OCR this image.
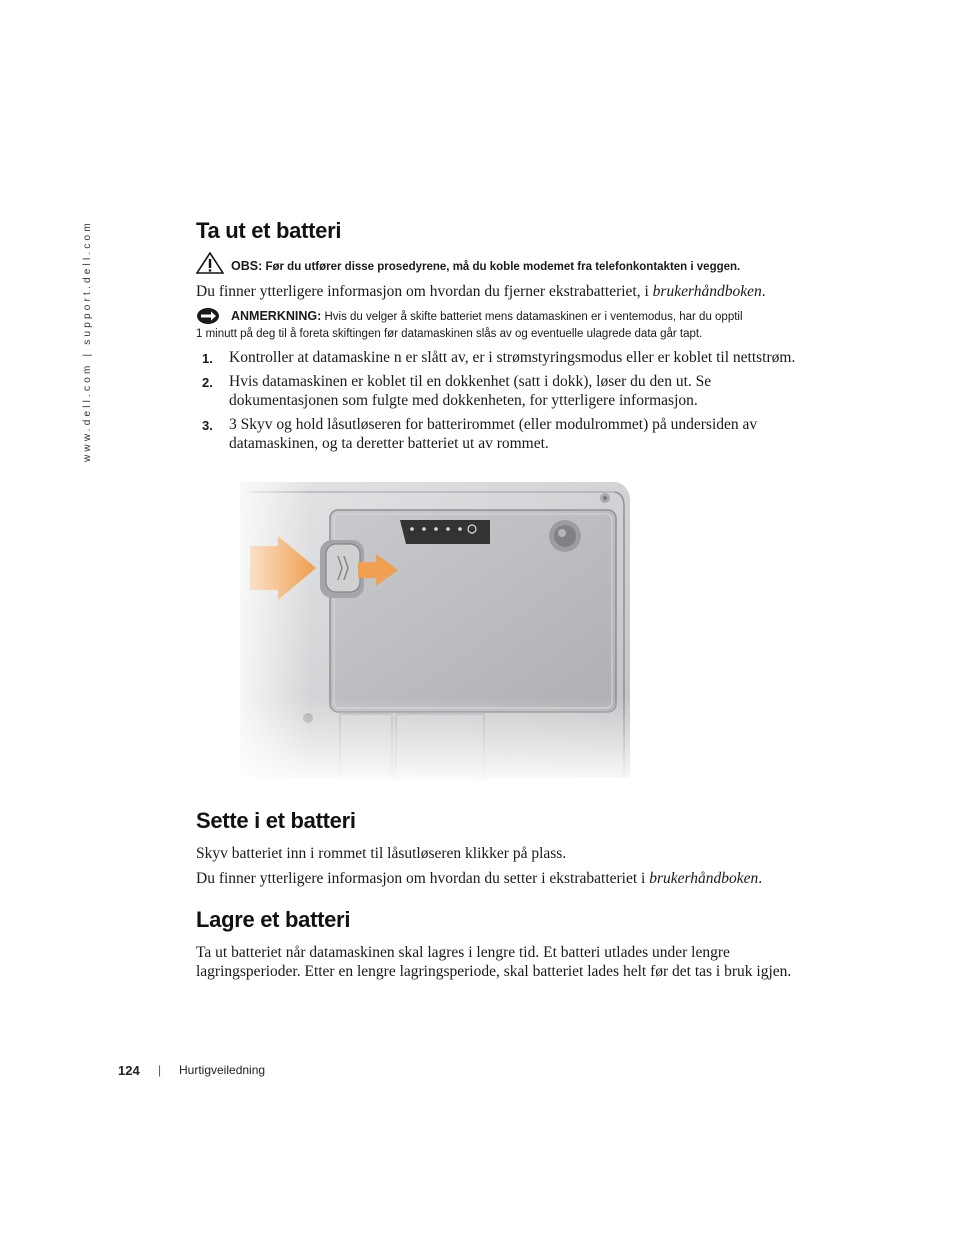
www.dell.com | support.dell.com	Ta ut et batteri
OBS: Før du utfører disse prosedyrene, må du koble modemet fra telefonkontakten i veggen.

Du finner ytterligere informasjon om hvordan du fjerner ekstrabatteriet, i brukerhåndboken.

ANMERKNING: Hvis du velger å skifte batteriet mens datamaskinen er i ventemodus, har du opptil
1 minutt på deg til å foreta skiftingen før datamaskinen slås av og eventuelle ulagrede data går tapt.
1. Kontroller at datamaskine n er slått av, er i strømstyringsmodus eller er koblet til nettstrøm.
2. Hvis datamaskinen er koblet til en dokkenhet (satt i dokk), løser du den ut. Se dokumentasjonen som fulgte med dokkenheten, for ytterligere informasjon.
3. 3 Skyv og hold låsutløseren for batterirommet (eller modulrommet) på undersiden av datamaskinen, og ta deretter batteriet ut av rommet.
Sette i et batteri

Skyv batteriet inn i rommet til låsutløseren klikker på plass.

Du finner ytterligere informasjon om hvordan du setter i ekstrabatteriet i brukerhåndboken.

Lagre et batteri

Ta ut batteriet når datamaskinen skal lagres i lengre tid. Et batteri utlades under lengre lagringsperioder. Etter en lengre lagringsperiode, skal batteriet lades helt før det tas i bruk igjen.

124 | Hurtigveiledning
